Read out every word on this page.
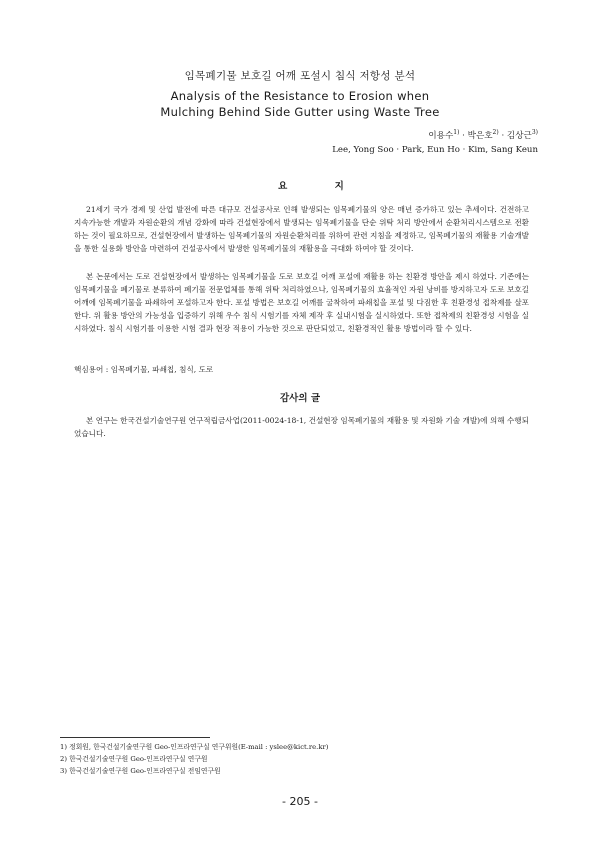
임목폐기물 보호길 어깨 포설시 침식 저항성 분석

Analysis of the Resistance to Erosion when
Mulching Behind Side Gutter using Waste Tree

이용수$^{1)}$ · 박은호$^{2)}$ · 김상근$^{3)}$
Lee, Yong Soo · Park, Eun Ho · Kim, Sang Keun
요 지

21세기 국가 경제 및 산업 발전에 따른 대규모 건설공사로 인해 발생되는 임목폐기물의 양은 매년 증가하고 있는 추세이다. 건전하고 지속가능한 개발과 자원순환의 개념 강화에 따라 건설현장에서 발생되는 임목폐기물을 단순 위탁 처리 방안에서 순환처리시스템으로 전환하는 것이 필요하므로, 건설현장에서 발생하는 임목폐기물의 자원순환처리를 위하여 관련 지침을 제정하고, 임목폐기물의 재활용 기술개발을 통한 실용화 방안을 마련하여 건설공사에서 발생한 임목폐기물의 재활용을 극대화 하여야 할 것이다.

본 논문에서는 도로 건설현장에서 발생하는 임목폐기물을 도로 보호길 어깨 포설에 재활용 하는 친환경 방안을 제시 하였다. 기존에는 임목폐기물을 폐기물로 분류하여 폐기물 전문업체를 통해 위탁 처리하였으나, 임목폐기물의 효율적인 자원 낭비를 방지하고자 도로 보호길 어깨에 임목폐기물을 파쇄하여 포설하고자 한다. 포설 방법은 보호길 어깨를 굴착하여 파쇄칩을 포설 및 다짐한 후 친환경성 접착제를 살포한다. 위 활용 방안의 가능성을 입증하기 위해 우수 침식 시험기를 자체 제작 후 실내시험을 실시하였다. 또한 접착제의 친환경성 시험을 실시하였다. 침식 시험기를 이용한 시험 결과 현장 적용이 가능한 것으로 판단되었고, 친환경적인 활용 방법이라 할 수 있다.

핵심용어 : 임목폐기물, 파쇄칩, 침식, 도로
감사의 글

본 연구는 한국건설기술연구원 연구적립금사업(2011-0024-18-1, 건설현장 임목폐기물의 재활용 및 자원화 기술 개발)에 의해 수행되었습니다.

1) 정회원, 한국건설기술연구원 Geo-인프라연구실 연구위원(E-mail : yslee@kict.re.kr)
2) 한국건설기술연구원 Geo-인프라연구실 연구원
3) 한국건설기술연구원 Geo-인프라연구실 전임연구원
- 205 -
